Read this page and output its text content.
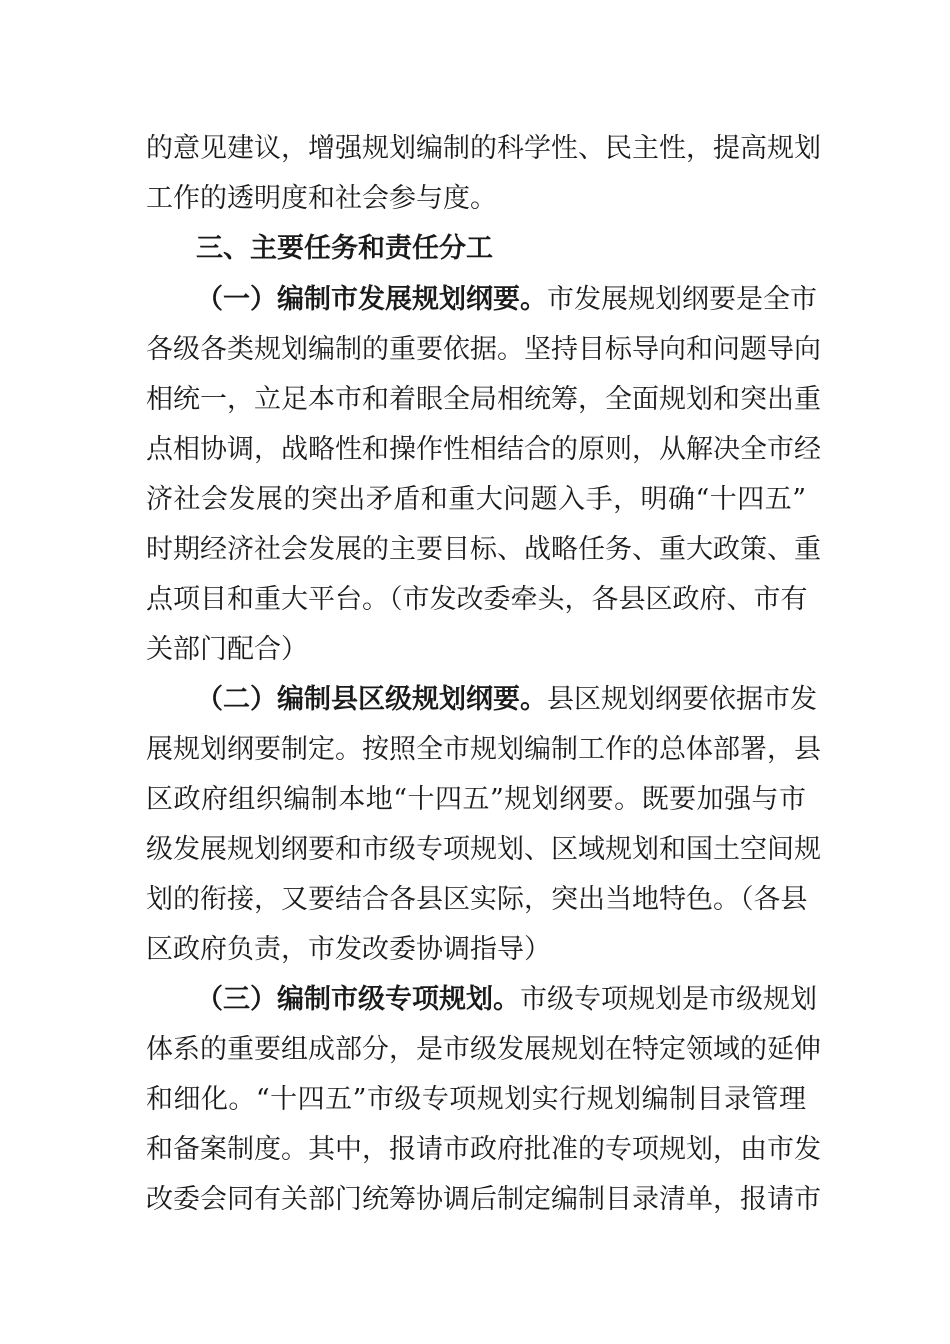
的意见建议，增强规划编制的科学性、民主性，提高规划
工作的透明度和社会参与度。
三、主要任务和责任分工
（一）编制市发展规划纲要。市发展规划纲要是全市
各级各类规划编制的重要依据。坚持目标导向和问题导向
相统一，立足本市和着眼全局相统筹，全面规划和突出重
点相协调，战略性和操作性相结合的原则，从解决全市经
济社会发展的突出矛盾和重大问题入手，明确“十四五”
时期经济社会发展的主要目标、战略任务、重大政策、重
点项目和重大平台。（市发改委牵头，各县区政府、市有
关部门配合）
（二）编制县区级规划纲要。县区规划纲要依据市发
展规划纲要制定。按照全市规划编制工作的总体部署，县
区政府组织编制本地“十四五”规划纲要。既要加强与市
级发展规划纲要和市级专项规划、区域规划和国土空间规
划的衔接，又要结合各县区实际，突出当地特色。（各县
区政府负责，市发改委协调指导）
（三）编制市级专项规划。市级专项规划是市级规划
体系的重要组成部分，是市级发展规划在特定领域的延伸
和细化。“十四五”市级专项规划实行规划编制目录管理
和备案制度。其中，报请市政府批准的专项规划，由市发
改委会同有关部门统筹协调后制定编制目录清单，报请市
